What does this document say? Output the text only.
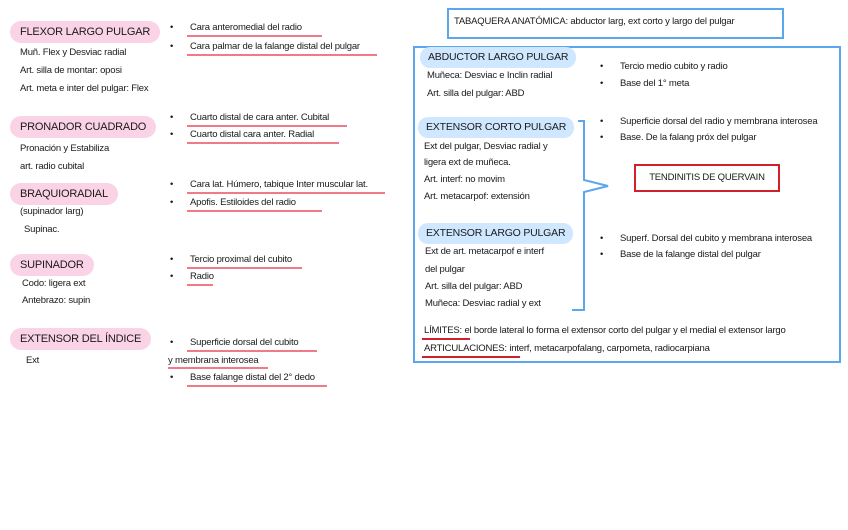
FLEXOR LARGO PULGAR
Muñ. Flex y Desviac radial
Art. silla de montar: oposi
Art. meta e inter del pulgar: Flex
• Cara anteromedial del radio
• Cara palmar de la falange distal del pulgar
PRONADOR CUADRADO
Pronación y Estabiliza
art. radio cubital
• Cuarto distal de cara anter. Cubital
• Cuarto distal cara anter. Radial
BRAQUIORADIAL
(supinador larg)
Supinac.
• Cara lat. Húmero, tabique Inter muscular lat.
• Apofis. Estiloides del radio
SUPINADOR
Codo: ligera ext
Antebrazo: supin
• Tercio proximal del cubito
• Radio
EXTENSOR DEL ÍNDICE
Ext
• Superficie dorsal del cubito
y membrana interosea
• Base falange distal del 2° dedo
TABAQUERA ANATÓMICA: abductor larg, ext corto y largo del pulgar
ABDUCTOR LARGO PULGAR
Muñeca: Desviac e Inclin radial
Art. silla del pulgar: ABD
• Tercio medio cubito y radio
• Base del 1° meta
EXTENSOR CORTO PULGAR
Ext del pulgar, Desviac radial y
ligera ext de muñeca.
Art. interf: no movim
Art. metacarpof: extensión
• Superficie dorsal del radio y membrana interosea
• Base. De la falang próx del pulgar
TENDINITIS DE QUERVAIN
EXTENSOR LARGO PULGAR
Ext de art. metacarpof e interf
del pulgar
Art. silla del pulgar: ABD
Muñeca: Desviac radial y ext
• Superf. Dorsal del cubito y membrana interosea
• Base de la falange distal del pulgar
LÍMITES: el borde lateral lo forma el extensor corto del pulgar y el medial el extensor largo
ARTICULACIONES: interf, metacarpofalang, carpometa, radiocarpiana
